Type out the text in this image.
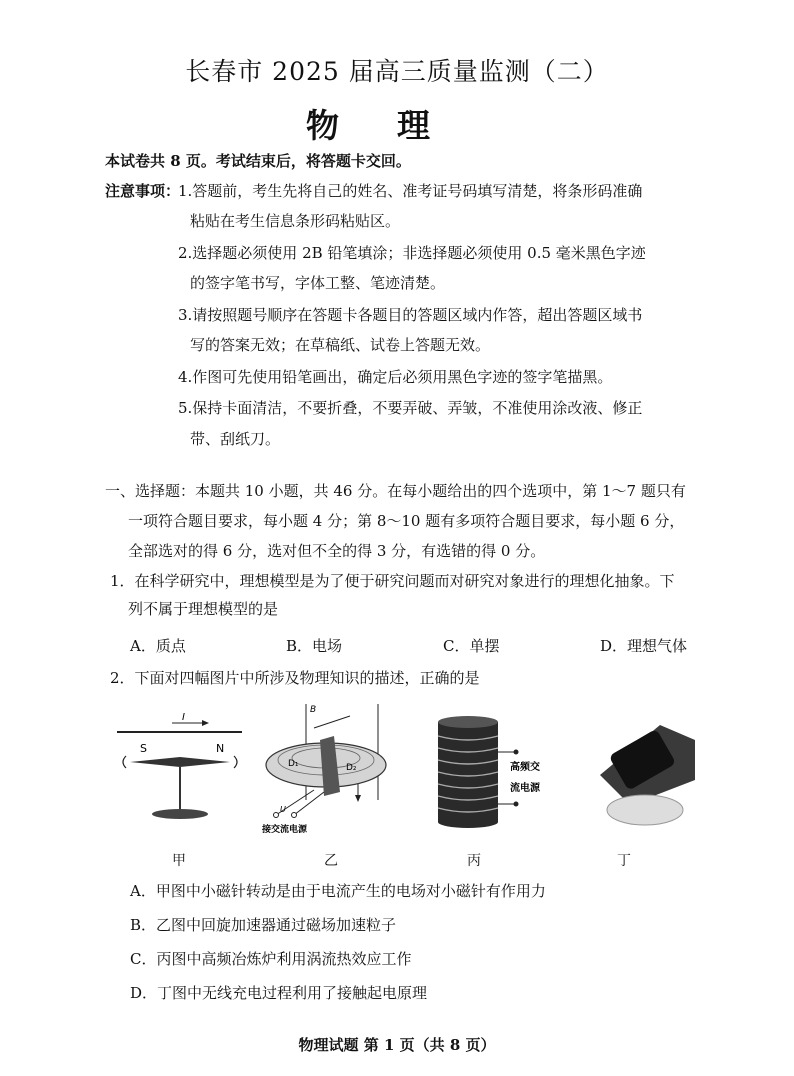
长春市 2025 届高三质量监测（二）
物理
本试卷共 8 页。考试结束后，将答题卡交回。
注意事项：
1.答题前，考生先将自己的姓名、准考证号码填写清楚，将条形码准确
粘贴在考生信息条形码粘贴区。
2.选择题必须使用 2B 铅笔填涂；非选择题必须使用 0.5 毫米黑色字迹
的签字笔书写，字体工整、笔迹清楚。
3.请按照题号顺序在答题卡各题目的答题区域内作答，超出答题区域书
写的答案无效；在草稿纸、试卷上答题无效。
4.作图可先使用铅笔画出，确定后必须用黑色字迹的签字笔描黑。
5.保持卡面清洁，不要折叠，不要弄破、弄皱，不准使用涂改液、修正
带、刮纸刀。
一、选择题：本题共 10 小题，共 46 分。在每小题给出的四个选项中，第 1～7 题只有
一项符合题目要求，每小题 4 分；第 8～10 题有多项符合题目要求，每小题 6 分，
全部选对的得 6 分，选对但不全的得 3 分，有选错的得 0 分。
1．在科学研究中，理想模型是为了便于研究问题而对研究对象进行的理想化抽象。下
列不属于理想模型的是
A．质点	B．电场	C．单摆	D．理想气体
2．下面对四幅图片中所涉及物理知识的描述，正确的是
I
S	N
B
D₁	D₂
U
接交流电源
高频交
流电源
甲	乙	丙	丁
A．甲图中小磁针转动是由于电流产生的电场对小磁针有作用力
B．乙图中回旋加速器通过磁场加速粒子
C．丙图中高频冶炼炉利用涡流热效应工作
D．丁图中无线充电过程利用了接触起电原理
物理试题 第 1 页（共 8 页）
